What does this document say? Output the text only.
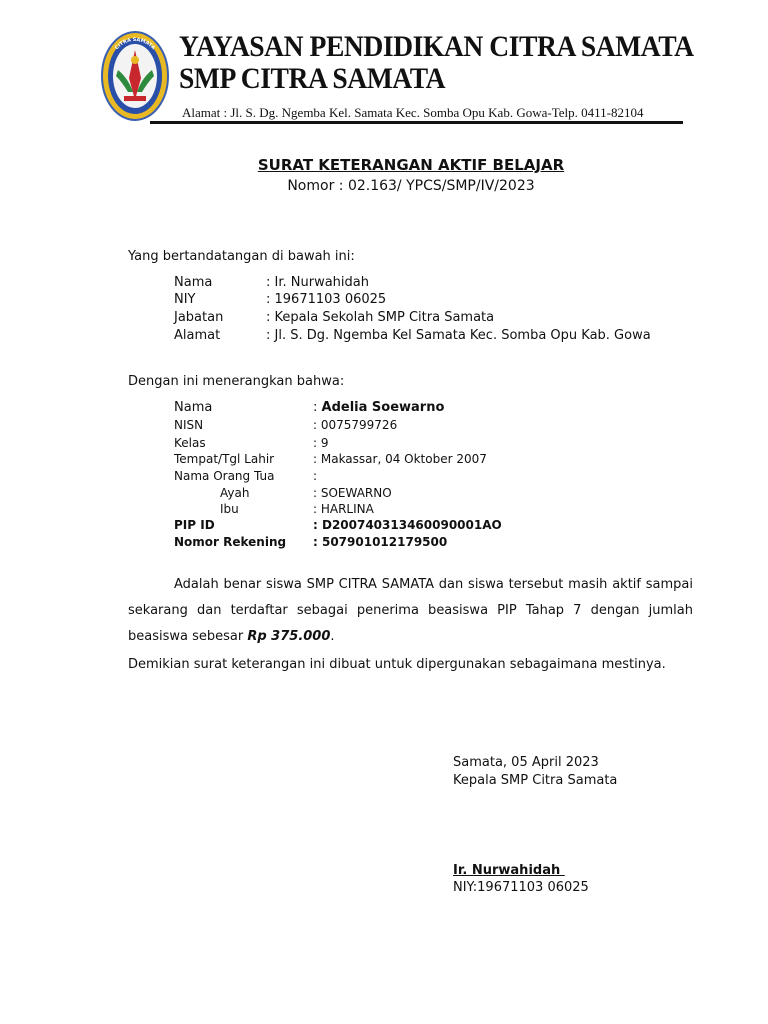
CITRA SAMATA YAYASAN PENDIDIKAN CITRA SAMATA
SMP CITRA SAMATA
Alamat : Jl. S. Dg. Ngemba Kel. Samata Kec. Somba Opu Kab. Gowa-Telp. 0411-82104
SURAT KETERANGAN AKTIF BELAJAR
Nomor : 02.163/ YPCS/SMP/IV/2023
Yang bertandatangan di bawah ini:
Nama	: Ir. Nurwahidah
NIY	: 19671103 06025
Jabatan	: Kepala Sekolah SMP Citra Samata
Alamat	: Jl. S. Dg. Ngemba Kel Samata Kec. Somba Opu Kab. Gowa
Dengan ini menerangkan bahwa:
Nama	: Adelia Soewarno
NISN	: 0075799726
Kelas	: 9
Tempat/Tgl Lahir	: Makassar, 04 Oktober 2007
Nama Orang Tua	:
Ayah	: SOEWARNO
Ibu	: HARLINA
PIP ID	: D200740313460090001AO
Nomor Rekening : 507901012179500
Adalah benar siswa SMP CITRA SAMATA dan siswa tersebut masih aktif sampai sekarang dan terdaftar sebagai penerima beasiswa PIP Tahap 7 dengan jumlah beasiswa sebesar Rp 375.000.
Demikian surat keterangan ini dibuat untuk dipergunakan sebagaimana mestinya.
Samata, 05 April 2023
Kepala SMP Citra Samata
Ir. Nurwahidah
NIY:19671103 06025
